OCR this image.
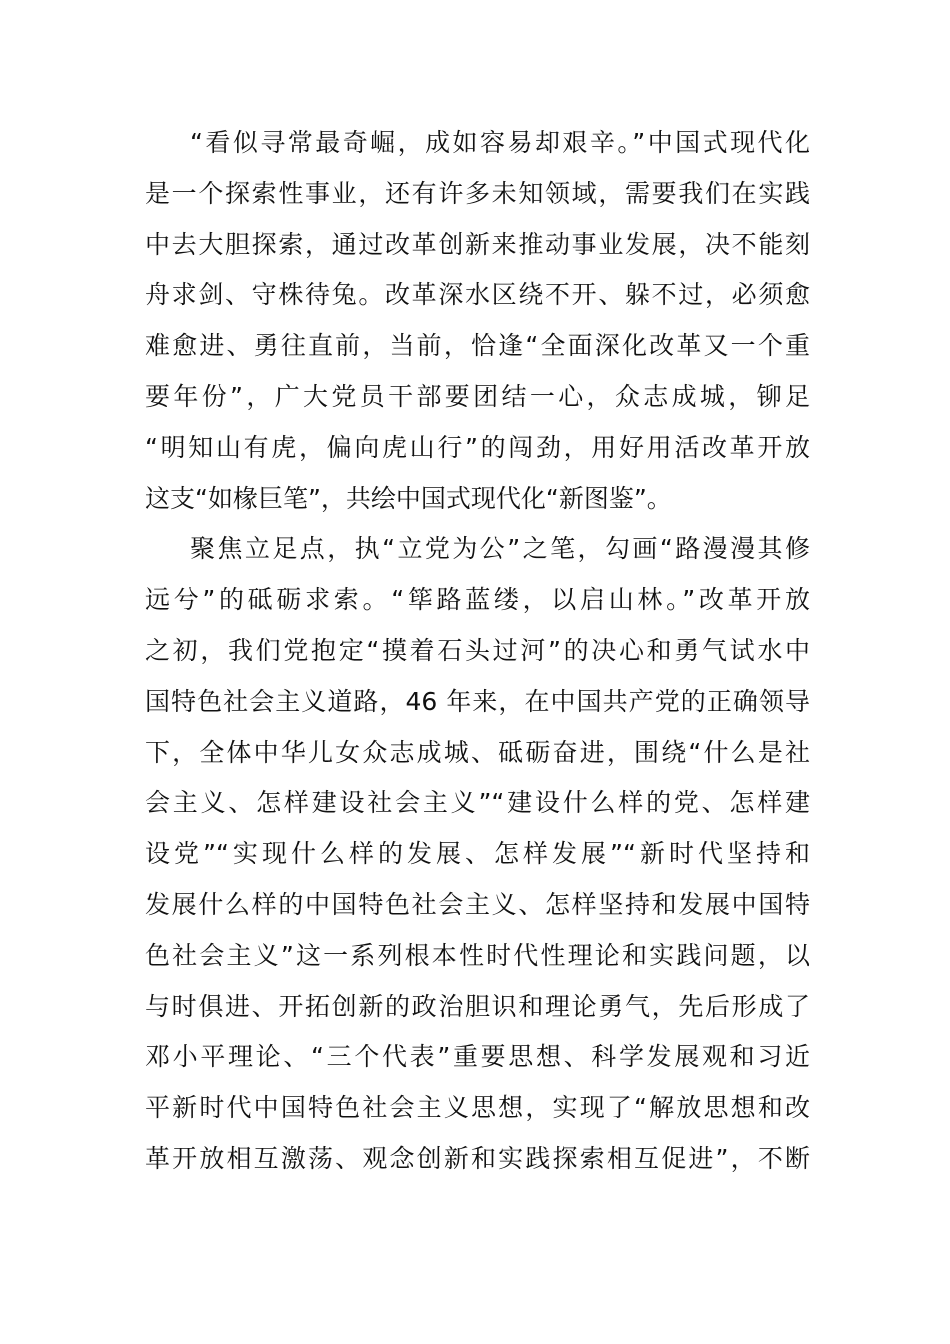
“看似寻常最奇崛，成如容易却艰辛。”中国式现代化
是一个探索性事业，还有许多未知领域，需要我们在实践
中去大胆探索，通过改革创新来推动事业发展，决不能刻
舟求剑、守株待兔。改革深水区绕不开、躲不过，必须愈
难愈进、勇往直前，当前，恰逢“全面深化改革又一个重
要年份”，广大党员干部要团结一心，众志成城，铆足
“明知山有虎，偏向虎山行”的闯劲，用好用活改革开放
这支“如椽巨笔”，共绘中国式现代化“新图鉴”。
聚焦立足点，执“立党为公”之笔，勾画“路漫漫其修
远兮”的砥砺求索。“筚路蓝缕，以启山林。”改革开放
之初，我们党抱定“摸着石头过河”的决心和勇气试水中
国特色社会主义道路，46 年来，在中国共产党的正确领导
下，全体中华儿女众志成城、砥砺奋进，围绕“什么是社
会主义、怎样建设社会主义”“建设什么样的党、怎样建
设党”“实现什么样的发展、怎样发展”“新时代坚持和
发展什么样的中国特色社会主义、怎样坚持和发展中国特
色社会主义”这一系列根本性时代性理论和实践问题，以
与时俱进、开拓创新的政治胆识和理论勇气，先后形成了
邓小平理论、“三个代表”重要思想、科学发展观和习近
平新时代中国特色社会主义思想，实现了“解放思想和改
革开放相互激荡、观念创新和实践探索相互促进”，不断
